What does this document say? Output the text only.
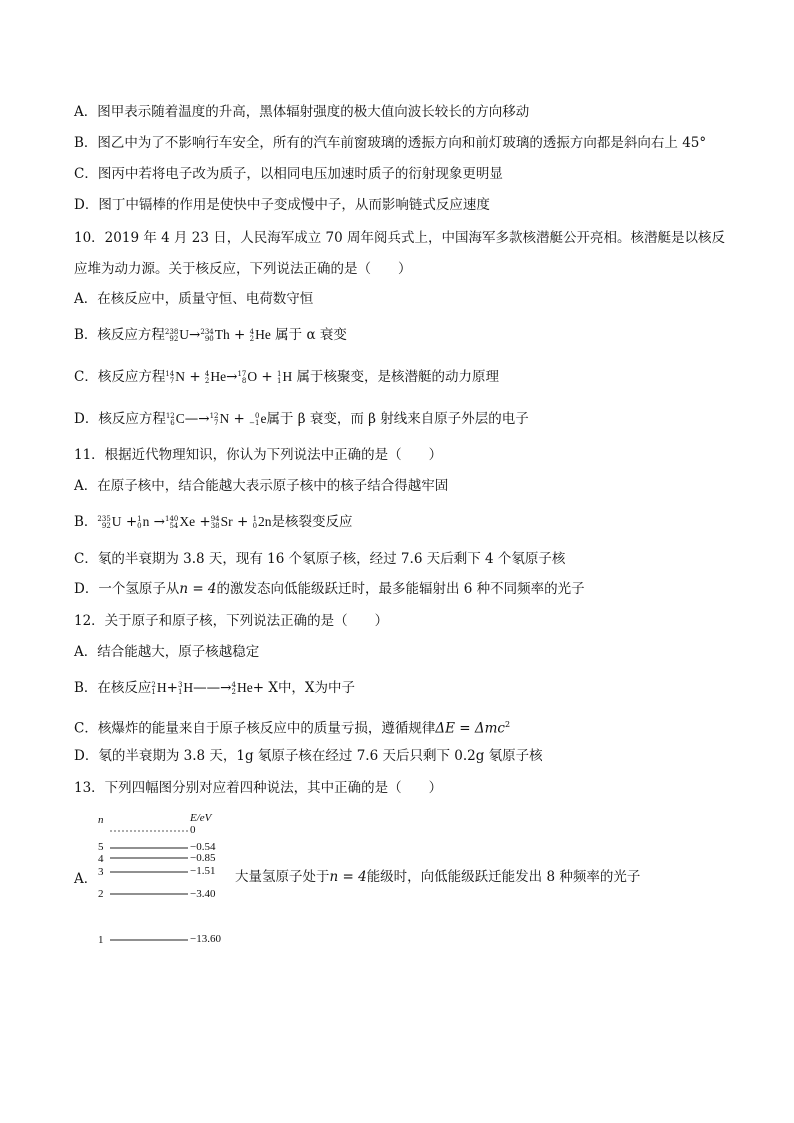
A．图甲表示随着温度的升高，黑体辐射强度的极大值向波长较长的方向移动
B．图乙中为了不影响行车安全，所有的汽车前窗玻璃的透振方向和前灯玻璃的透振方向都是斜向右上 45°
C．图丙中若将电子改为质子，以相同电压加速时质子的衍射现象更明显
D．图丁中镉棒的作用是使快中子变成慢中子，从而影响链式反应速度
10．2019 年 4 月 23 日，人民海军成立 70 周年阅兵式上，中国海军多款核潜艇公开亮相。核潜艇是以核反
应堆为动力源。关于核反应，下列说法正确的是（　　）
A．在核反应中，质量守恒、电荷数守恒
B．核反应方程 238
92 U→ 234
90 Th + 4
2 He 属于 α 衰变
C．核反应方程 14
7 N + 4
2 He→ 17
8 O + 1
1 H 属于核聚变，是核潜艇的动力原理
D．核反应方程 12
6 C—→ 12
7 N +	0
−1 e属于 β 衰变，而 β 射线来自原子外层的电子
11．根据近代物理知识，你认为下列说法中正确的是（　　）
A．在原子核中，结合能越大表示原子核中的核子结合得越牢固
B． 235
92 U + 1
0 n → 140
54 Xe + 94
38 Sr + 1
0 2n是核裂变反应
C．氡的半衰期为 3.8 天，现有 16 个氡原子核，经过 7.6 天后剩下 4 个氡原子核
D．一个氢原子从n = 4的激发态向低能级跃迁时，最多能辐射出 6 种不同频率的光子
12．关于原子和原子核，下列说法正确的是（　　）
A．结合能越大，原子核越稳定
B．在核反应 2
1 H+ 3
1 H——→ 4
2 He+ X中，X为中子
C．核爆炸的能量来自于原子核反应中的质量亏损，遵循规律ΔE = Δmc$^2$
D．氡的半衰期为 3.8 天，1g 氡原子核在经过 7.6 天后只剩下 0.2g 氡原子核
13．下列四幅图分别对应着四种说法，其中正确的是（　　）
A．
n	E/eV
0
5	−0.54
4	−0.85
3	−1.51
2	−3.40
1	−13.60
大量氢原子处于n = 4能级时，向低能级跃迁能发出 8 种频率的光子
